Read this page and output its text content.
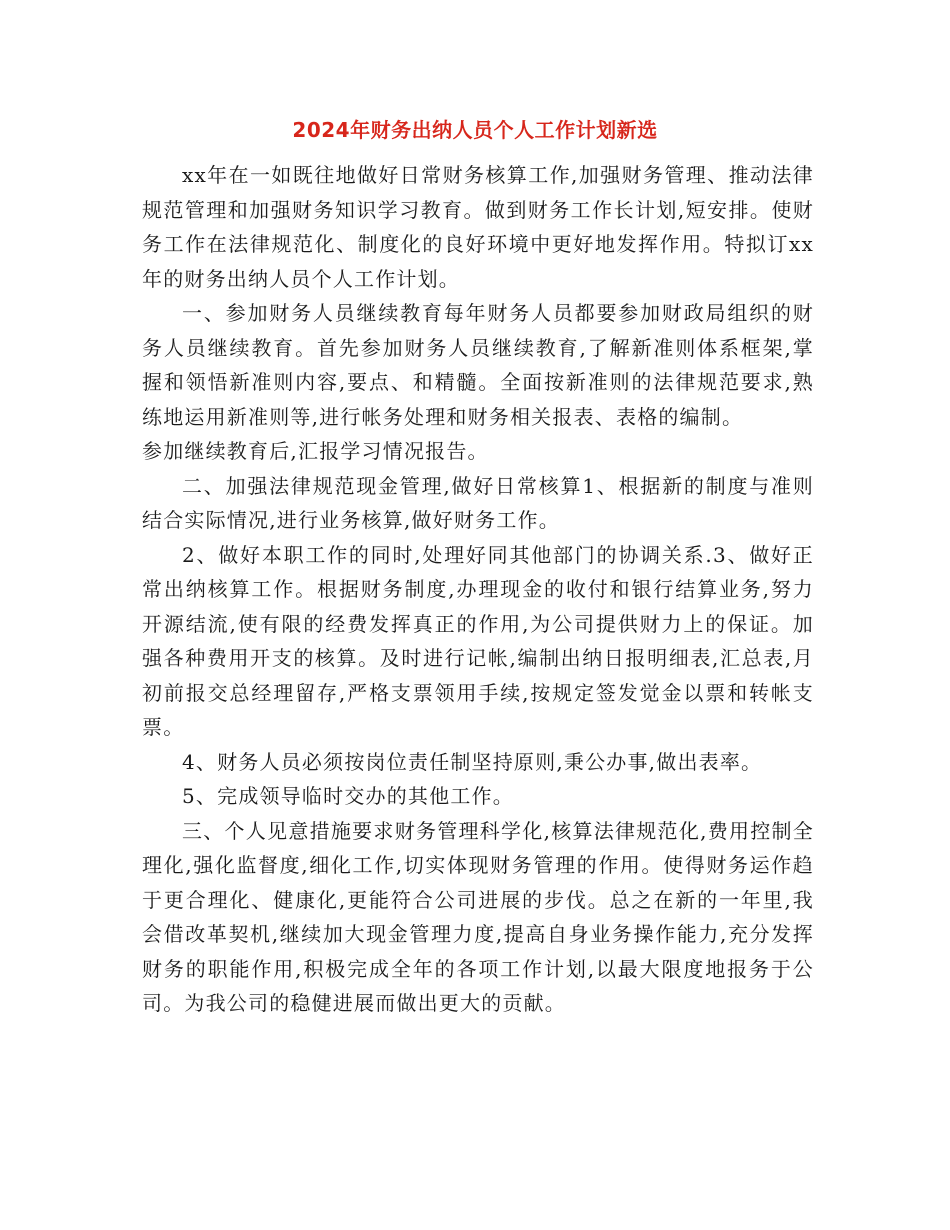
2024年财务出纳人员个人工作计划新选

xx年在一如既往地做好日常财务核算工作,加强财务管理、推动法律规范管理和加强财务知识学习教育。做到财务工作长计划,短安排。使财务工作在法律规范化、制度化的良好环境中更好地发挥作用。特拟订xx年的财务出纳人员个人工作计划。

一、参加财务人员继续教育每年财务人员都要参加财政局组织的财务人员继续教育。首先参加财务人员继续教育,了解新准则体系框架,掌握和领悟新准则内容,要点、和精髓。全面按新准则的法律规范要求,熟练地运用新准则等,进行帐务处理和财务相关报表、表格的编制。

参加继续教育后,汇报学习情况报告。

二、加强法律规范现金管理,做好日常核算1、根据新的制度与准则结合实际情况,进行业务核算,做好财务工作。

2、做好本职工作的同时,处理好同其他部门的协调关系.3、做好正常出纳核算工作。根据财务制度,办理现金的收付和银行结算业务,努力开源结流,使有限的经费发挥真正的作用,为公司提供财力上的保证。加强各种费用开支的核算。及时进行记帐,编制出纳日报明细表,汇总表,月初前报交总经理留存,严格支票领用手续,按规定签发觉金以票和转帐支票。

4、财务人员必须按岗位责任制坚持原则,秉公办事,做出表率。

5、完成领导临时交办的其他工作。

三、个人见意措施要求财务管理科学化,核算法律规范化,费用控制全理化,强化监督度,细化工作,切实体现财务管理的作用。使得财务运作趋于更合理化、健康化,更能符合公司进展的步伐。总之在新的一年里,我会借改革契机,继续加大现金管理力度,提高自身业务操作能力,充分发挥财务的职能作用,积极完成全年的各项工作计划,以最大限度地报务于公司。为我公司的稳健进展而做出更大的贡献。
